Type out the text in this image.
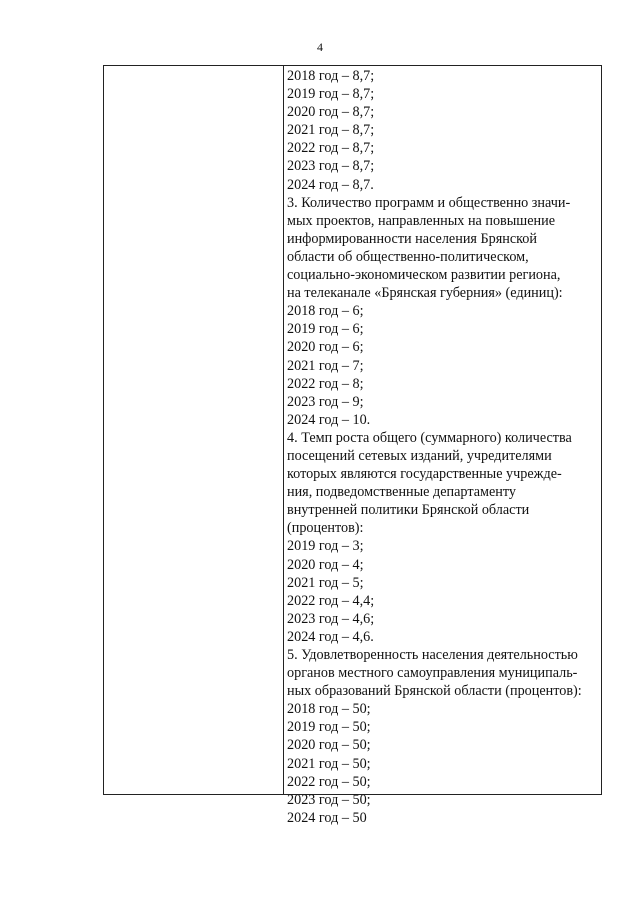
4
2018 год – 8,7;
2019 год – 8,7;
2020 год – 8,7;
2021 год – 8,7;
2022 год – 8,7;
2023 год – 8,7;
2024 год – 8,7.
3. Количество программ и общественно значи-
мых проектов, направленных на повышение
информированности населения Брянской
области об общественно-политическом,
социально-экономическом развитии региона,
на телеканале «Брянская губерния» (единиц):
2018 год – 6;
2019 год – 6;
2020 год – 6;
2021 год – 7;
2022 год – 8;
2023 год – 9;
2024 год – 10.
4. Темп роста общего (суммарного) количества
посещений сетевых изданий, учредителями
которых являются государственные учрежде-
ния, подведомственные департаменту
внутренней политики Брянской области
(процентов):
2019 год – 3;
2020 год – 4;
2021 год – 5;
2022 год – 4,4;
2023 год – 4,6;
2024 год – 4,6.
5. Удовлетворенность населения деятельностью
органов местного самоуправления муниципаль-
ных образований Брянской области (процентов):
2018 год – 50;
2019 год – 50;
2020 год – 50;
2021 год – 50;
2022 год – 50;
2023 год – 50;
2024 год – 50
